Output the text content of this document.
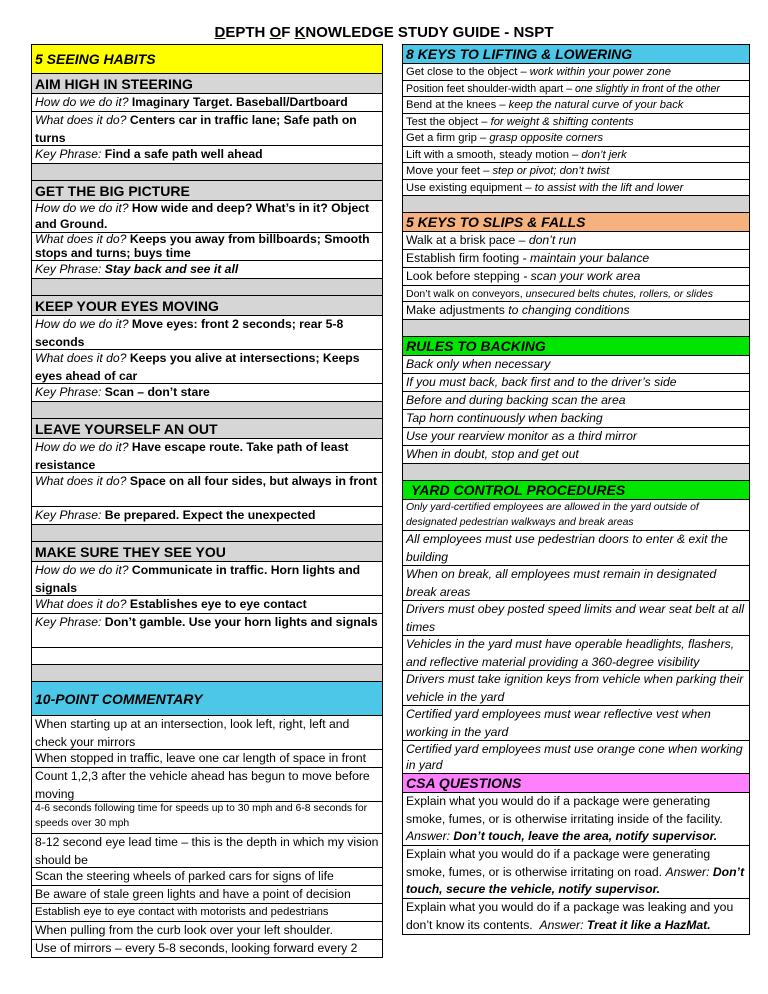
DEPTH OF KNOWLEDGE STUDY GUIDE - NSPT
5 SEEING HABITS
AIM HIGH IN STEERING
How do we do it? Imaginary Target. Baseball/Dartboard
What does it do? Centers car in traffic lane; Safe path on turns
Key Phrase: Find a safe path well ahead
GET THE BIG PICTURE
How do we do it? How wide and deep? What’s in it? Object and Ground.
What does it do? Keeps you away from billboards; Smooth stops and turns; buys time
Key Phrase: Stay back and see it all
KEEP YOUR EYES MOVING
How do we do it? Move eyes: front 2 seconds; rear 5-8 seconds
What does it do? Keeps you alive at intersections; Keeps eyes ahead of car
Key Phrase: Scan – don’t stare
LEAVE YOURSELF AN OUT
How do we do it? Have escape route. Take path of least resistance
What does it do? Space on all four sides, but always in front
Key Phrase: Be prepared. Expect the unexpected
MAKE SURE THEY SEE YOU
How do we do it? Communicate in traffic. Horn lights and signals
What does it do? Establishes eye to eye contact
Key Phrase: Don’t gamble. Use your horn lights and signals
10-POINT COMMENTARY
When starting up at an intersection, look left, right, left and check your mirrors
When stopped in traffic, leave one car length of space in front
Count 1,2,3 after the vehicle ahead has begun to move before moving
4-6 seconds following time for speeds up to 30 mph and 6-8 seconds for speeds over 30 mph
8-12 second eye lead time – this is the depth in which my vision should be
Scan the steering wheels of parked cars for signs of life
Be aware of stale green lights and have a point of decision
Establish eye to eye contact with motorists and pedestrians
When pulling from the curb look over your left shoulder.
Use of mirrors – every 5-8 seconds, looking forward every 2
8 KEYS TO LIFTING & LOWERING
Get close to the object – work within your power zone
Position feet shoulder-width apart – one slightly in front of the other
Bend at the knees – keep the natural curve of your back
Test the object – for weight & shifting contents
Get a firm grip – grasp opposite corners
Lift with a smooth, steady motion – don’t jerk
Move your feet – step or pivot; don’t twist
Use existing equipment – to assist with the lift and lower
5 KEYS TO SLIPS & FALLS
Walk at a brisk pace – don’t run
Establish firm footing - maintain your balance
Look before stepping - scan your work area
Don’t walk on conveyors, unsecured belts chutes, rollers, or slides
Make adjustments to changing conditions
RULES TO BACKING
Back only when necessary
If you must back, back first and to the driver’s side
Before and during backing scan the area
Tap horn continuously when backing
Use your rearview monitor as a third mirror
When in doubt, stop and get out
YARD CONTROL PROCEDURES
Only yard-certified employees are allowed in the yard outside of designated pedestrian walkways and break areas
All employees must use pedestrian doors to enter & exit the building
When on break, all employees must remain in designated break areas
Drivers must obey posted speed limits and wear seat belt at all times
Vehicles in the yard must have operable headlights, flashers, and reflective material providing a 360-degree visibility
Drivers must take ignition keys from vehicle when parking their vehicle in the yard
Certified yard employees must wear reflective vest when working in the yard
Certified yard employees must use orange cone when working in yard
CSA QUESTIONS
Explain what you would do if a package were generating smoke, fumes, or is otherwise irritating inside of the facility. Answer: Don’t touch, leave the area, notify supervisor.
Explain what you would do if a package were generating smoke, fumes, or is otherwise irritating on road. Answer: Don’t touch, secure the vehicle, notify supervisor.
Explain what you would do if a package was leaking and you don’t know its contents. Answer: Treat it like a HazMat.
